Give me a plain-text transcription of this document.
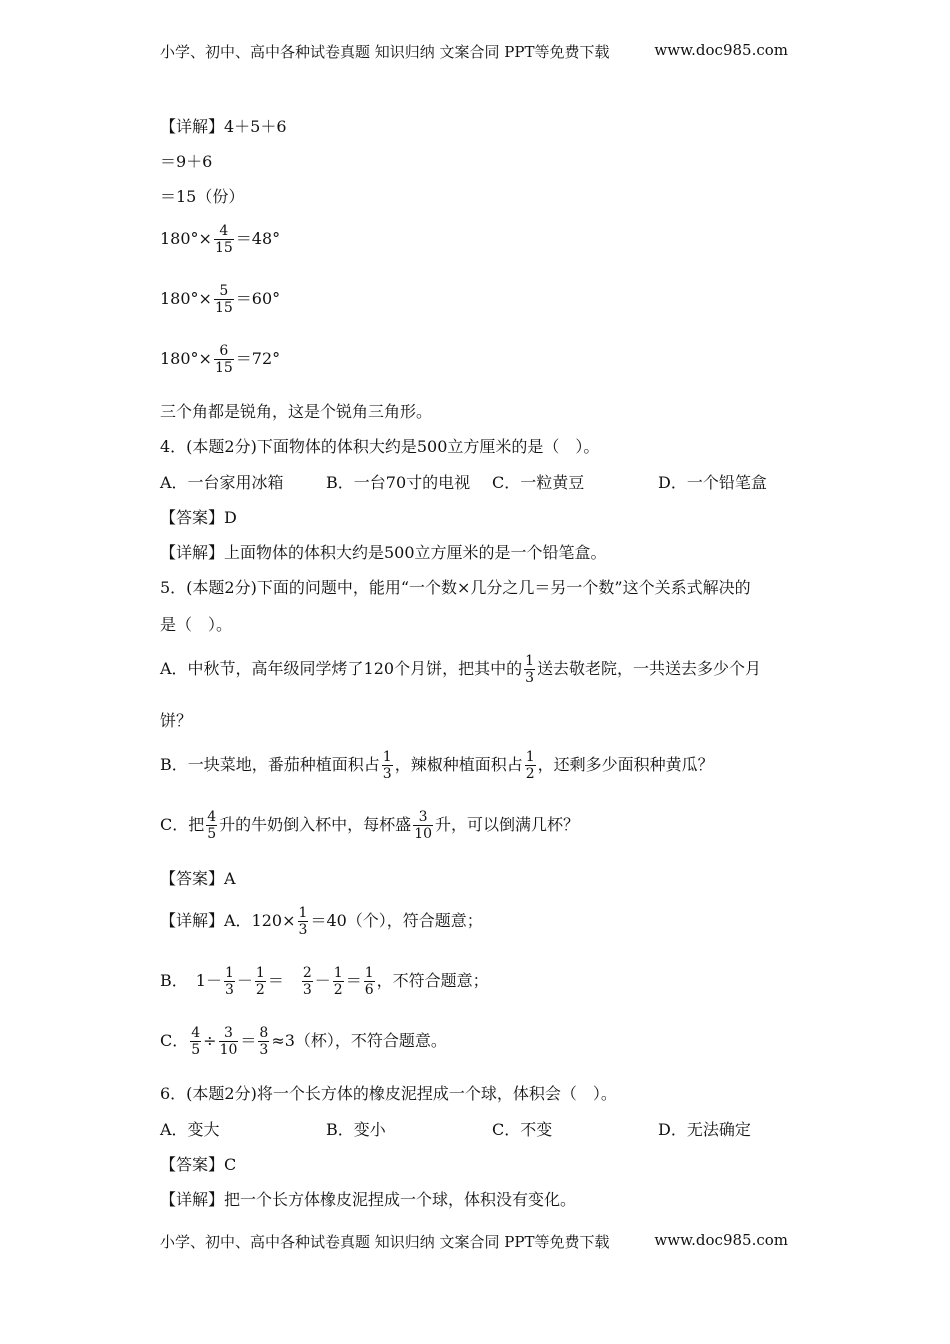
小学、初中、高中各种试卷真题 知识归纳 文案合同 PPT等免费下载	www.doc985.com
【详解】4＋5＋6
＝9＋6
＝15（份）
$180^\circ\times \frac{4}{15} =48^\circ$
$180^\circ\times \frac{5}{15} =60^\circ$
$180^\circ\times \frac{6}{15} =72^\circ$
三个角都是锐角，这是个锐角三角形。
4．(本题2分)下面物体的体积大约是500立方厘米的是（　）。
A．一台家用冰箱	B．一台70寸的电视 C．一粒黄豆	D．一个铅笔盒
【答案】D
【详解】上面物体的体积大约是500立方厘米的是一个铅笔盒。
5．(本题2分)下面的问题中，能用“一个数×几分之几＝另一个数”这个关系式解决的
是（　）。
A．中秋节，高年级同学烤了120个月饼，把其中的 $\frac{1}{3}$ 送去敬老院，一共送去多少个月
饼？
B．一块菜地，番茄种植面积占 $\frac{1}{3}$ ，辣椒种植面积占 $\frac{1}{2}$ ，还剩多少面积种黄瓜？
C．把 $\frac{4}{5}$ 升的牛奶倒入杯中，每杯盛 $\frac{3}{10}$ 升，可以倒满几杯？
【答案】A
【详解】A．$120\times \frac{1}{3} =40$（个），符合题意；
B．　$1- \frac{1}{3} - \frac{1}{2}$ ＝　 $\frac{2}{3} - \frac{1}{2} = \frac{1}{6}$ ，不符合题意；
C． $\frac{4}{5} \div \frac{3}{10} = \frac{8}{3} \approx 3$（杯），不符合题意。
6．(本题2分)将一个长方体的橡皮泥捏成一个球，体积会（　）。
A．变大	B．变小	C．不变	D．无法确定
【答案】C
【详解】把一个长方体橡皮泥捏成一个球，体积没有变化。
小学、初中、高中各种试卷真题 知识归纳 文案合同 PPT等免费下载	www.doc985.com
